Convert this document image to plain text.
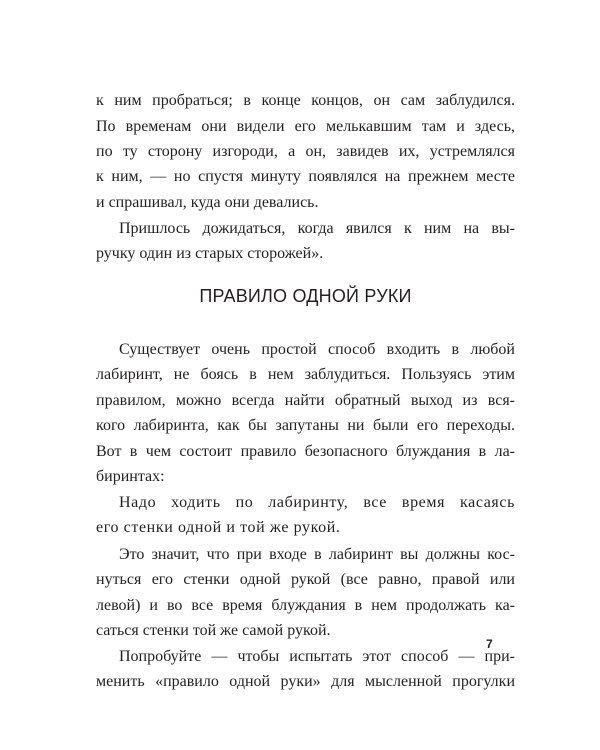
к ним пробраться; в конце концов, он сам заблудился.

По временам они видели его мелькавшим там и здесь,

по ту сторону изгороди, а он, завидев их, устремлялся

к ним, — но спустя минуту появлялся на прежнем месте

и спрашивал, куда они девались.

Пришлось дожидаться, когда явился к ним на вы-

ручку один из старых сторожей».

ПРАВИЛО ОДНОЙ РУКИ

Существует очень простой способ входить в любой

лабиринт, не боясь в нем заблудиться. Пользуясь этим

правилом, можно всегда найти обратный выход из вся-

кого лабиринта, как бы запутаны ни были его переходы.

Вот в чем состоит правило безопасного блуждания в ла-

биринтах:

Надо ходить по лабиринту, все время касаясь

его стенки одной и той же рукой.

Это значит, что при входе в лабиринт вы должны кос-

нуться его стенки одной рукой (все равно, правой или

левой) и во все время блуждания в нем продолжать ка-

саться стенки той же самой рукой.

Попробуйте — чтобы испытать этот способ — при-

менить «правило одной руки» для мысленной прогулки

7
